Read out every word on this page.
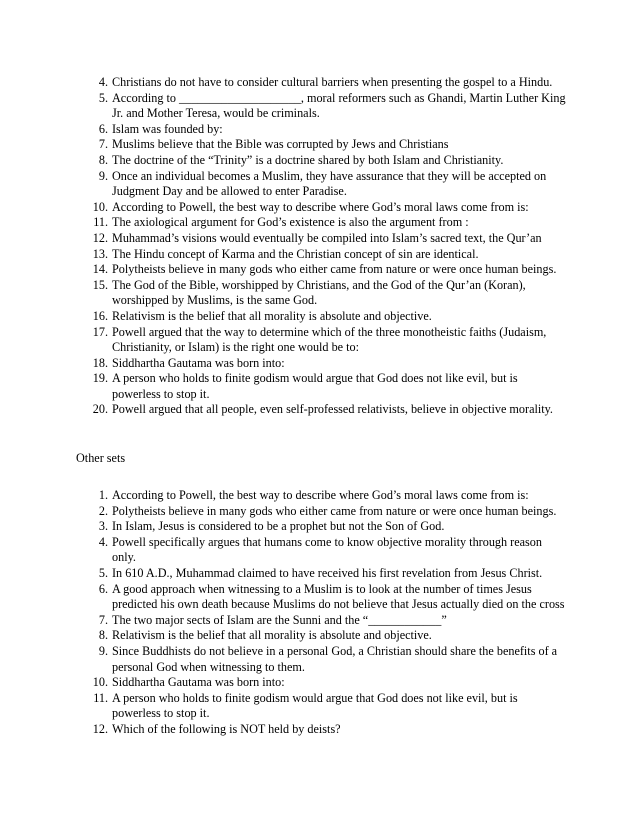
4. Christians do not have to consider cultural barriers when presenting the gospel to a Hindu.
5. According to ____________________, moral reformers such as Ghandi, Martin Luther King Jr. and Mother Teresa, would be criminals.
6. Islam was founded by:
7. Muslims believe that the Bible was corrupted by Jews and Christians
8. The doctrine of the “Trinity” is a doctrine shared by both Islam and Christianity.
9. Once an individual becomes a Muslim, they have assurance that they will be accepted on Judgment Day and be allowed to enter Paradise.
10. According to Powell, the best way to describe where God’s moral laws come from is:
11. The axiological argument for God’s existence is also the argument from :
12. Muhammad’s visions would eventually be compiled into Islam’s sacred text, the Qur’an
13. The Hindu concept of Karma and the Christian concept of sin are identical.
14. Polytheists believe in many gods who either came from nature or were once human beings.
15. The God of the Bible, worshipped by Christians, and the God of the Qur’an (Koran), worshipped by Muslims, is the same God.
16. Relativism is the belief that all morality is absolute and objective.
17. Powell argued that the way to determine which of the three monotheistic faiths (Judaism, Christianity, or Islam) is the right one would be to:
18. Siddhartha Gautama was born into:
19. A person who holds to finite godism would argue that God does not like evil, but is powerless to stop it.
20. Powell argued that all people, even self-professed relativists, believe in objective morality.
Other sets
1. According to Powell, the best way to describe where God’s moral laws come from is:
2. Polytheists believe in many gods who either came from nature or were once human beings.
3. In Islam, Jesus is considered to be a prophet but not the Son of God.
4. Powell specifically argues that humans come to know objective morality through reason only.
5. In 610 A.D., Muhammad claimed to have received his first revelation from Jesus Christ.
6. A good approach when witnessing to a Muslim is to look at the number of times Jesus predicted his own death because Muslims do not believe that Jesus actually died on the cross
7. The two major sects of Islam are the Sunni and the “____________”
8. Relativism is the belief that all morality is absolute and objective.
9. Since Buddhists do not believe in a personal God, a Christian should share the benefits of a personal God when witnessing to them.
10. Siddhartha Gautama was born into:
11. A person who holds to finite godism would argue that God does not like evil, but is powerless to stop it.
12. Which of the following is NOT held by deists?
